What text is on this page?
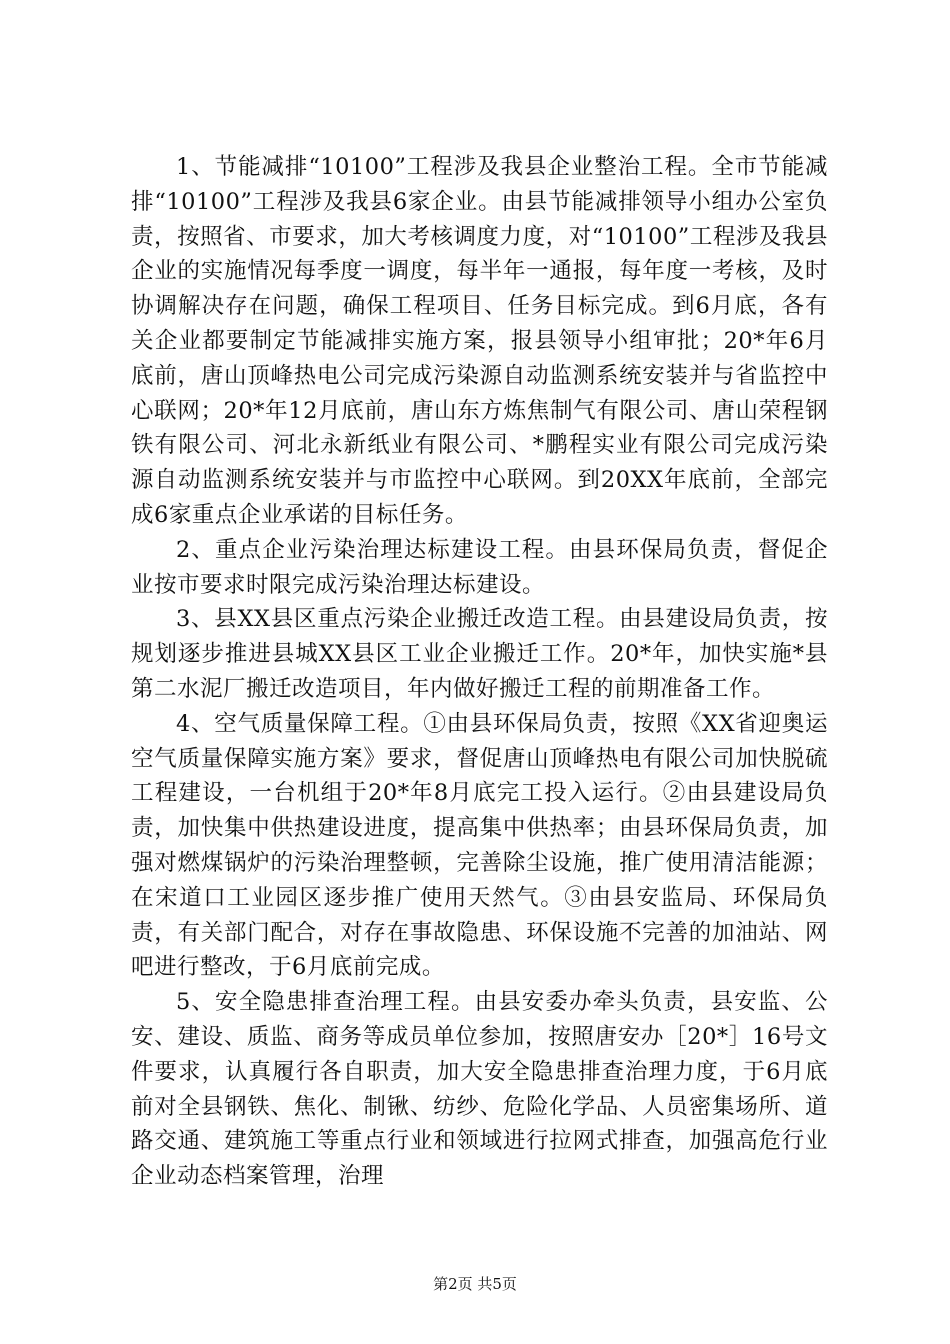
1、节能减排“10100”工程涉及我县企业整治工程。全市节能减排“10100”工程涉及我县6家企业。由县节能减排领导小组办公室负责，按照省、市要求，加大考核调度力度，对“10100”工程涉及我县企业的实施情况每季度一调度，每半年一通报，每年度一考核，及时协调解决存在问题，确保工程项目、任务目标完成。到6月底，各有关企业都要制定节能减排实施方案，报县领导小组审批；20*年6月底前，唐山顶峰热电公司完成污染源自动监测系统安装并与省监控中心联网；20*年12月底前，唐山东方炼焦制气有限公司、唐山荣程钢铁有限公司、河北永新纸业有限公司、*鹏程实业有限公司完成污染源自动监测系统安装并与市监控中心联网。到20XX年底前，全部完成6家重点企业承诺的目标任务。

2、重点企业污染治理达标建设工程。由县环保局负责，督促企业按市要求时限完成污染治理达标建设。

3、县XX县区重点污染企业搬迁改造工程。由县建设局负责，按规划逐步推进县城XX县区工业企业搬迁工作。20*年，加快实施*县第二水泥厂搬迁改造项目，年内做好搬迁工程的前期准备工作。

4、空气质量保障工程。①由县环保局负责，按照《XX省迎奥运空气质量保障实施方案》要求，督促唐山顶峰热电有限公司加快脱硫工程建设，一台机组于20*年8月底完工投入运行。②由县建设局负责，加快集中供热建设进度，提高集中供热率；由县环保局负责，加强对燃煤锅炉的污染治理整顿，完善除尘设施，推广使用清洁能源；在宋道口工业园区逐步推广使用天然气。③由县安监局、环保局负责，有关部门配合，对存在事故隐患、环保设施不完善的加油站、网吧进行整改，于6月底前完成。

5、安全隐患排查治理工程。由县安委办牵头负责，县安监、公安、建设、质监、商务等成员单位参加，按照唐安办［20*］16号文件要求，认真履行各自职责，加大安全隐患排查治理力度，于6月底前对全县钢铁、焦化、制锹、纺纱、危险化学品、人员密集场所、道路交通、建筑施工等重点行业和领域进行拉网式排查，加强高危行业企业动态档案管理，治理

第2页 共5页
